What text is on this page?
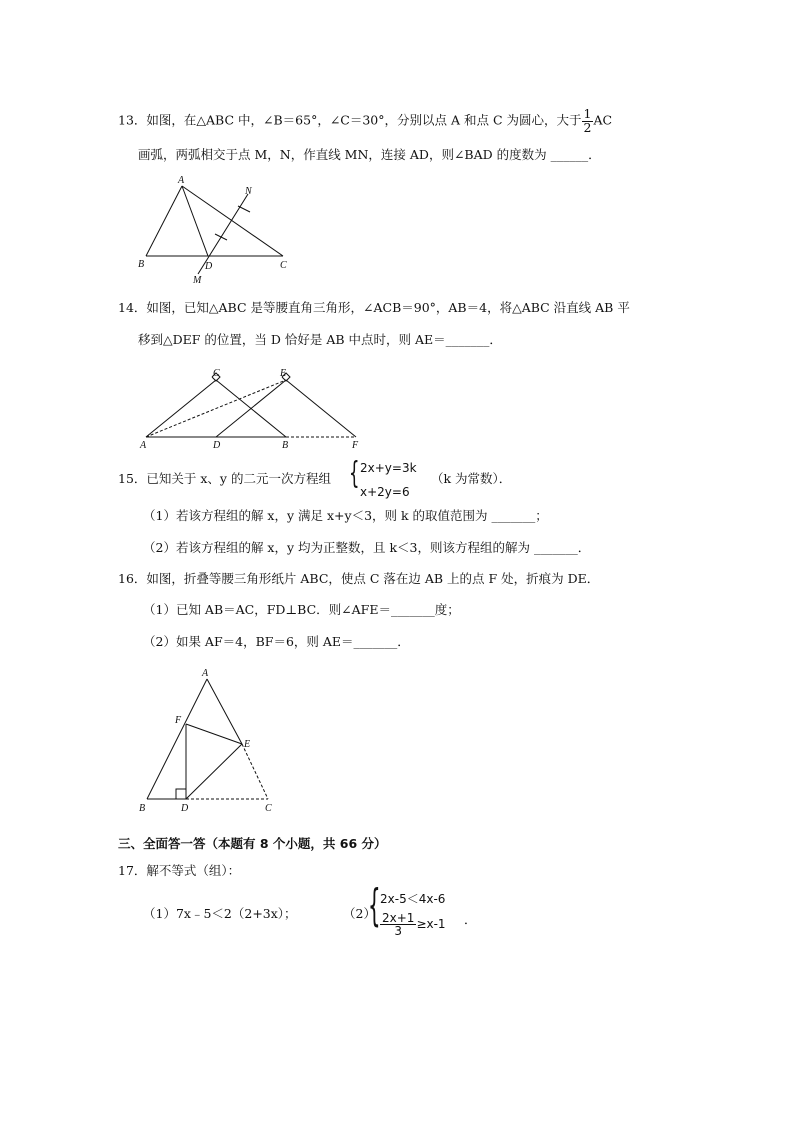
13．如图，在△ABC 中，∠B＝65°，∠C＝30°，分别以点 A 和点 C 为圆心，大于 $\frac{1}{2}$ AC
画弧，两弧相交于点 M，N，作直线 MN，连接 AD，则∠BAD 的度数为 ______．
A
B	C
D
M
N
14．如图，已知△ABC 是等腰直角三角形，∠ACB＝90°，AB＝4，将△ABC 沿直线 AB 平
移到△DEF 的位置，当 D 恰好是 AB 中点时，则 AE＝_______．
C	E
A	D	B	F
15．已知关于 x、y 的二元一次方程组 { 2x+y=3k
x+2y=6
（k 为常数）．
（1）若该方程组的解 x，y 满足 x+y＜3，则 k 的取值范围为 _______；
（2）若该方程组的解 x，y 均为正整数，且 k＜3，则该方程组的解为 _______．
16．如图，折叠等腰三角形纸片 ABC，使点 C 落在边 AB 上的点 F 处，折痕为 DE．
（1）已知 AB＝AC，FD⊥BC．则∠AFE＝_______度；
（2）如果 AF＝4，BF＝6，则 AE＝_______．
A
F
E
B	D	C
三、全面答一答（本题有 8 个小题，共 66 分）
17．解不等式（组）：
（1）7x﹣5＜2（2+3x）；	（2）
{ 2x-5＜4x-6
$\frac{2x+1}{3} \ge x-1$ ．
